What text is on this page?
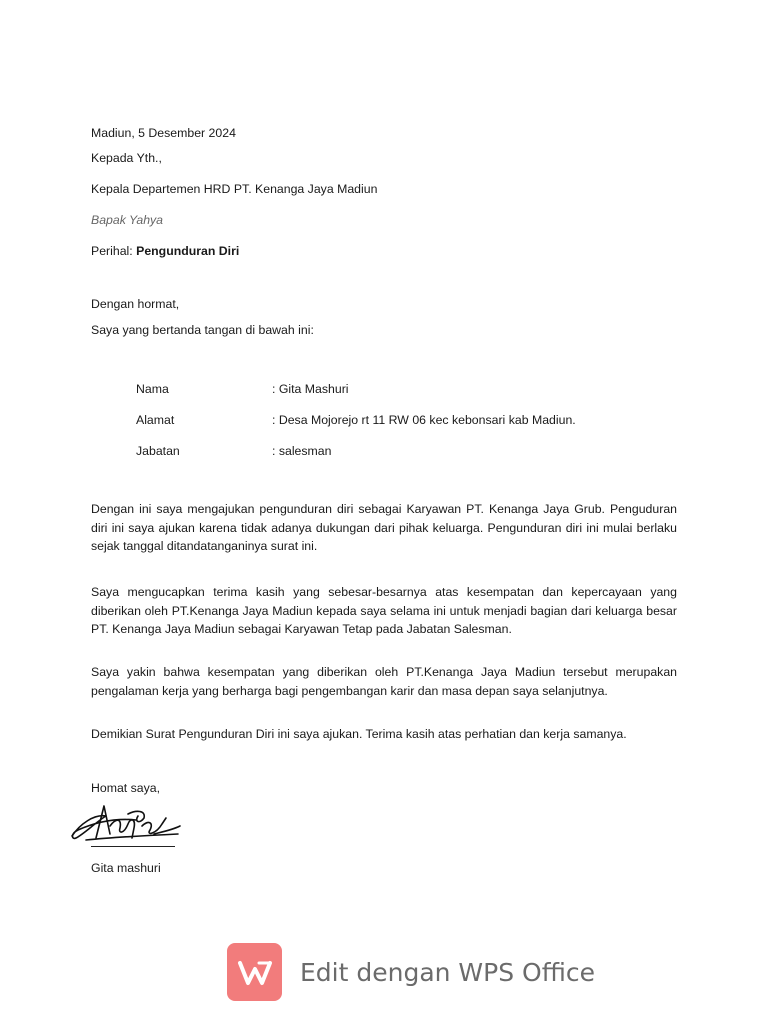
Madiun, 5 Desember 2024
Kepada Yth.,
Kepala Departemen HRD PT. Kenanga Jaya Madiun
Bapak Yahya
Perihal: Pengunduran Diri
Dengan hormat,
Saya yang bertanda tangan di bawah ini:
Nama	: Gita Mashuri
Alamat	: Desa Mojorejo rt 11 RW 06 kec kebonsari kab Madiun.
Jabatan	: salesman
Dengan ini saya mengajukan pengunduran diri sebagai Karyawan PT. Kenanga Jaya Grub. Penguduran diri ini saya ajukan karena tidak adanya dukungan dari pihak keluarga. Pengunduran diri ini mulai berlaku sejak tanggal ditandatanganinya surat ini.
Saya mengucapkan terima kasih yang sebesar-besarnya atas kesempatan dan kepercayaan yang diberikan oleh PT.Kenanga Jaya Madiun kepada saya selama ini untuk menjadi bagian dari keluarga besar PT. Kenanga Jaya Madiun sebagai Karyawan Tetap pada Jabatan Salesman.
Saya yakin bahwa kesempatan yang diberikan oleh PT.Kenanga Jaya Madiun tersebut merupakan pengalaman kerja yang berharga bagi pengembangan karir dan masa depan saya selanjutnya.
Demikian Surat Pengunduran Diri ini saya ajukan. Terima kasih atas perhatian dan kerja samanya.
Homat saya,
Gita mashuri
Edit dengan WPS Office
